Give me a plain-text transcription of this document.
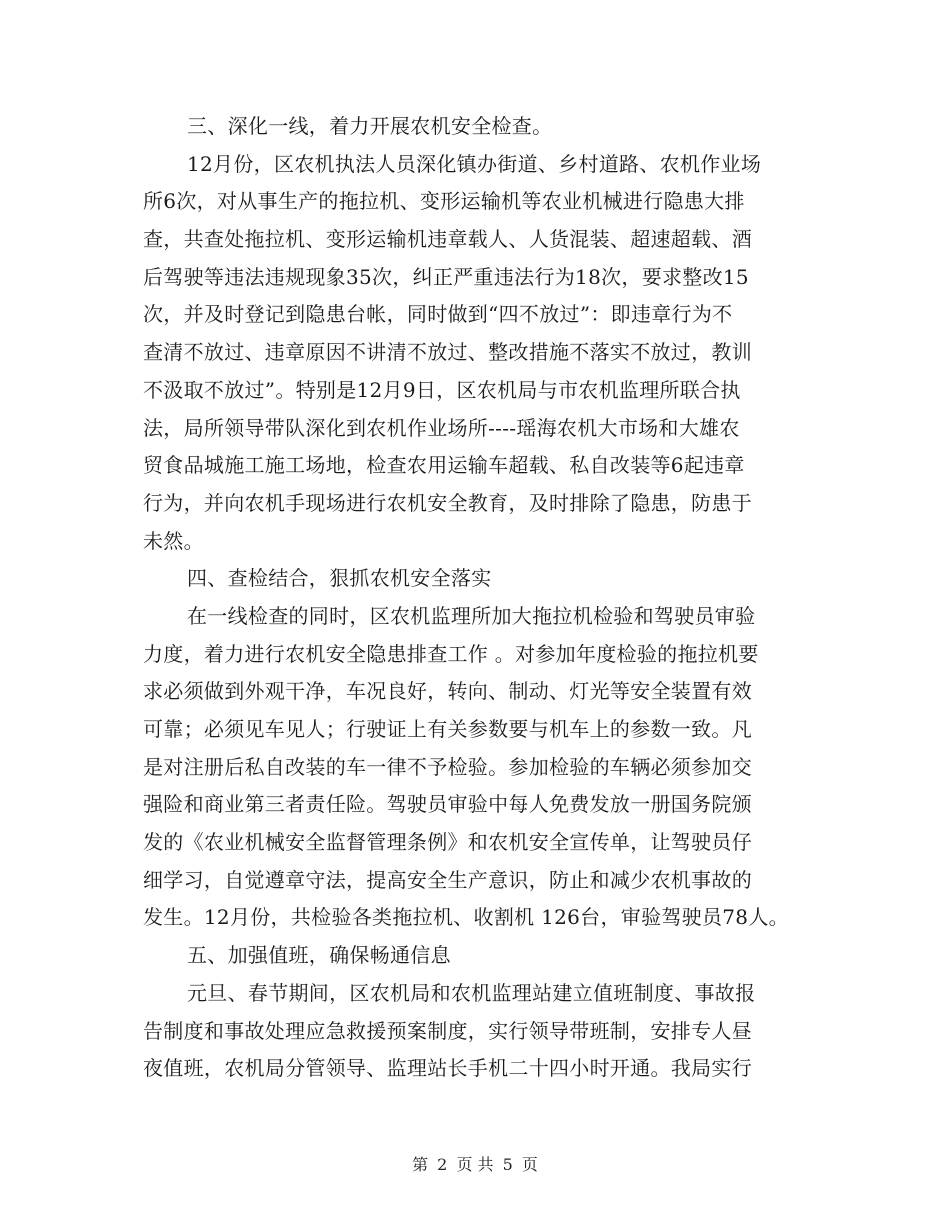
三、深化一线，着力开展农机安全检查。
12月份，区农机执法人员深化镇办街道、乡村道路、农机作业场
所6次，对从事生产的拖拉机、变形运输机等农业机械进行隐患大排
查，共查处拖拉机、变形运输机违章载人、人货混装、超速超载、酒
后驾驶等违法违规现象35次，纠正严重违法行为18次，要求整改15
次，并及时登记到隐患台帐，同时做到“四不放过”：即违章行为不
查清不放过、违章原因不讲清不放过、整改措施不落实不放过，教训
不汲取不放过”。特别是12月9日，区农机局与市农机监理所联合执
法，局所领导带队深化到农机作业场所----瑶海农机大市场和大雄农
贸食品城施工施工场地，检查农用运输车超载、私自改装等6起违章
行为，并向农机手现场进行农机安全教育，及时排除了隐患，防患于
未然。
四、查检结合，狠抓农机安全落实
在一线检查的同时，区农机监理所加大拖拉机检验和驾驶员审验
力度，着力进行农机安全隐患排查工作 。对参加年度检验的拖拉机要
求必须做到外观干净，车况良好，转向、制动、灯光等安全装置有效
可靠；必须见车见人；行驶证上有关参数要与机车上的参数一致。凡
是对注册后私自改装的车一律不予检验。参加检验的车辆必须参加交
强险和商业第三者责任险。驾驶员审验中每人免费发放一册国务院颁
发的《农业机械安全监督管理条例》和农机安全宣传单，让驾驶员仔
细学习，自觉遵章守法，提高安全生产意识，防止和减少农机事故的
发生。12月份，共检验各类拖拉机、收割机 126台，审验驾驶员78人。
五、加强值班，确保畅通信息
元旦、春节期间，区农机局和农机监理站建立值班制度、事故报
告制度和事故处理应急救援预案制度，实行领导带班制，安排专人昼
夜值班，农机局分管领导、监理站长手机二十四小时开通。我局实行
第 2 页 共 5 页
